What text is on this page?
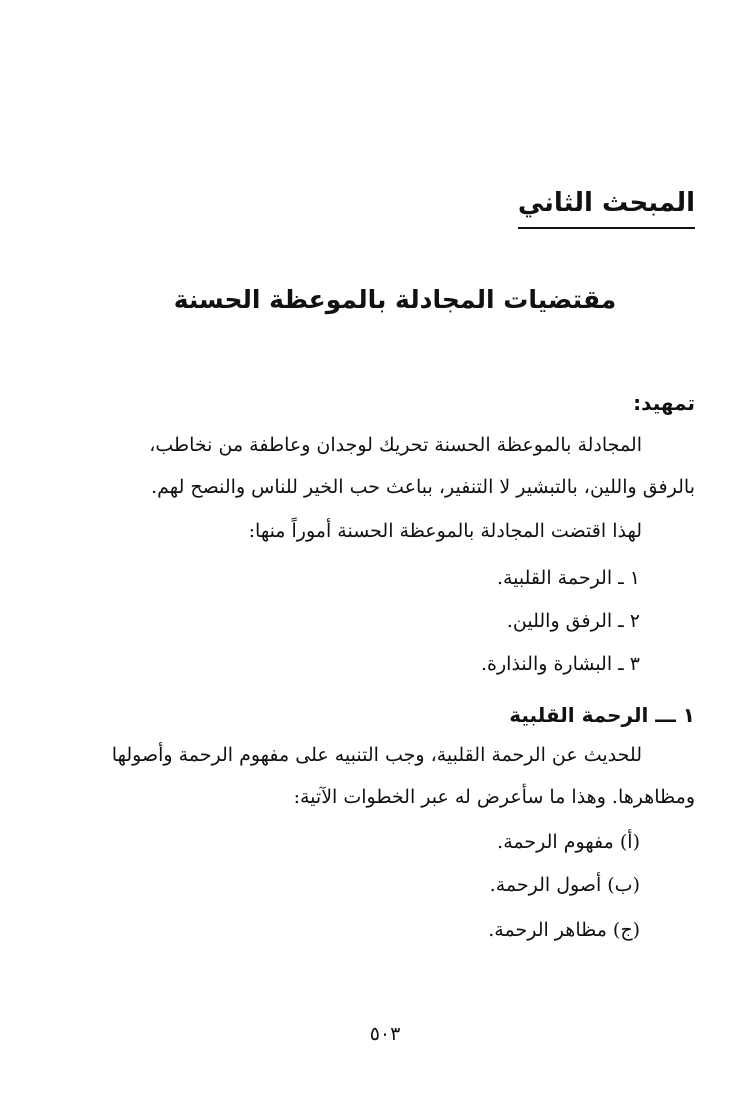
المبحث الثاني
مقتضيات المجادلة بالموعظة الحسنة
تمهيد:

المجادلة بالموعظة الحسنة تحريك لوجدان وعاطفة من نخاطب،

بالرفق واللين، بالتبشير لا التنفير، بباعث حب الخير للناس والنصح لهم.

لهذا اقتضت المجادلة بالموعظة الحسنة أموراً منها:

١ ـ الرحمة القلبية.

٢ ـ الرفق واللين.

٣ ـ البشارة والنذارة.

١ ـــ الرحمة القلبية

للحديث عن الرحمة القلبية، وجب التنبيه على مفهوم الرحمة وأصولها

ومظاهرها. وهذا ما سأعرض له عبر الخطوات الآتية:

(أ) مفهوم الرحمة.

(ب) أصول الرحمة.

(ج) مظاهر الرحمة.

٥٠٣
